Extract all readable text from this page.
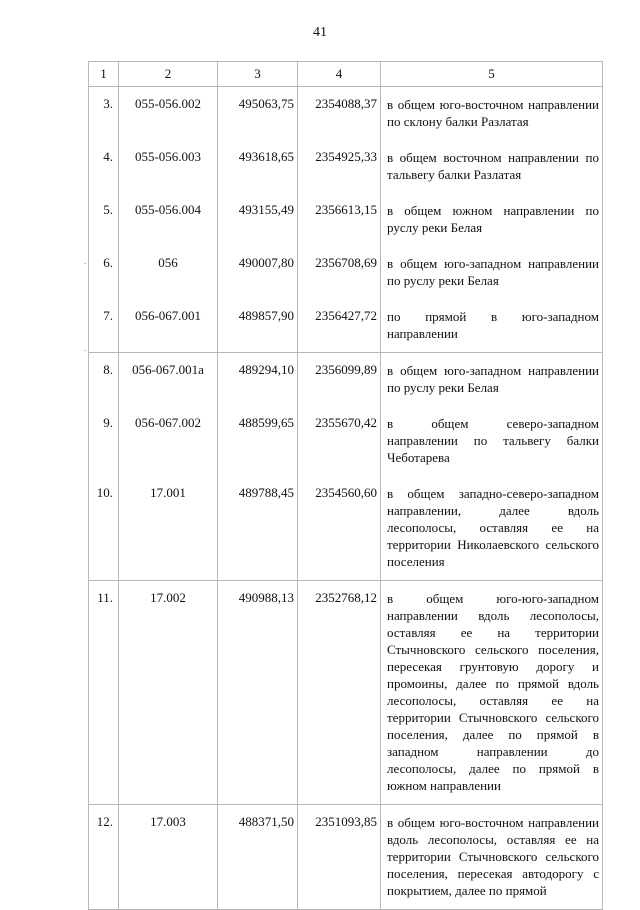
41
.
.
1	2	3	4	5
3.	055-056.002	495063,75	2354088,37	в общем юго-восточном направлении по склону балки Разлатая
4.	055-056.003	493618,65	2354925,33	в общем восточном направлении по тальвегу балки Разлатая
5.	055-056.004	493155,49	2356613,15	в общем южном направлении по руслу реки Белая
6.	056	490007,80	2356708,69	в общем юго-западном направлении по руслу реки Белая
7.	056-067.001	489857,90	2356427,72	по прямой в юго-западном направлении
8.	056-067.001а	489294,10	2356099,89	в общем юго-западном направлении по руслу реки Белая
9.	056-067.002	488599,65	2355670,42	в общем северо-западном направлении по тальвегу балки Чеботарева
10.	17.001	489788,45	2354560,60	в общем западно-северо-западном направлении, далее вдоль лесополосы, оставляя ее на территории Николаевского сельского поселения
11.	17.002	490988,13	2352768,12	в общем юго-юго-западном направлении вдоль лесополосы, оставляя ее на территории Стычновского сельского поселения, пересекая грунтовую дорогу и промоины, далее по прямой вдоль лесополосы, оставляя ее на территории Стычновского сельского поселения, далее по прямой в западном направлении до лесополосы, далее по прямой в южном направлении
12.	17.003	488371,50	2351093,85	в общем юго-восточном направлении вдоль лесополосы, оставляя ее на территории Стычновского сельского поселения, пересекая автодорогу с покрытием, далее по прямой
